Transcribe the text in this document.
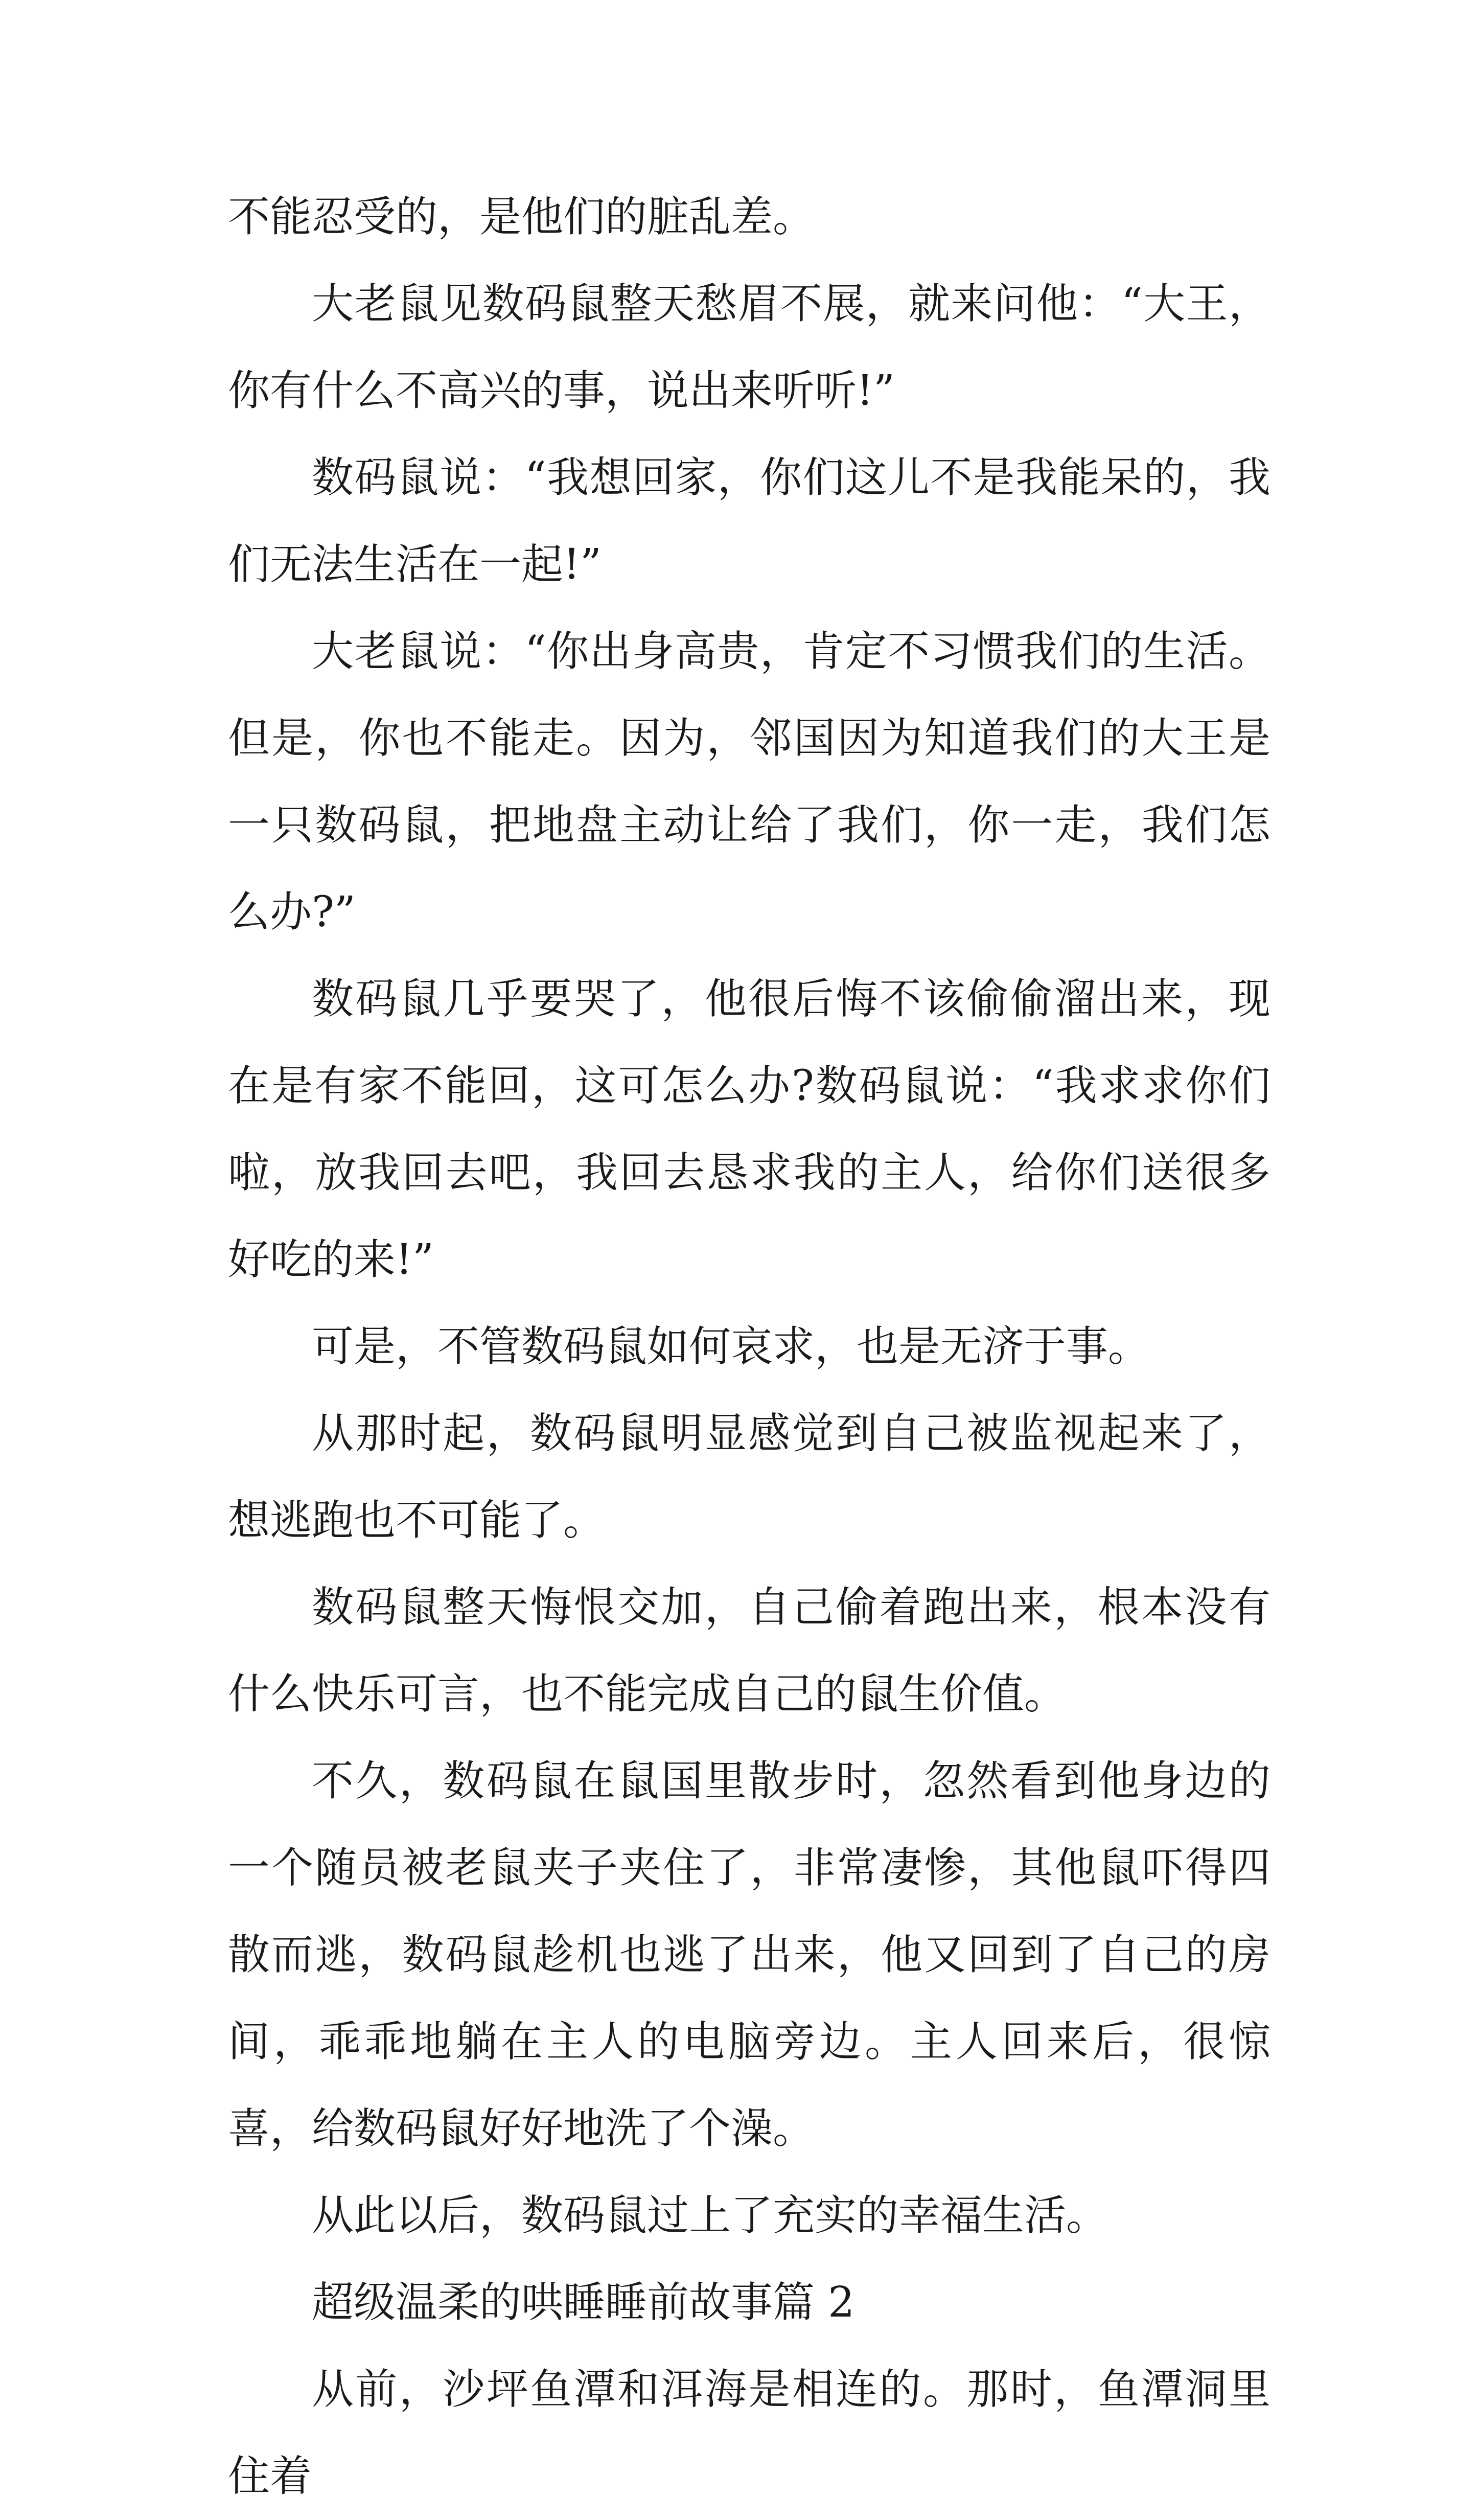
不能忍受的，是他们的脏乱差。

大老鼠见数码鼠整天愁眉不展，就来问他：“大王，你有什么不高兴的事，说出来听听!”

数码鼠说：“我想回家，你们这儿不是我能呆的，我们无法生活在一起!”

大老鼠说：“你出身高贵，肯定不习惯我们的生活。但是，你也不能走。因为，邻国因为知道我们的大王是一只数码鼠，把地盘主动让给了我们，你一走，我们怎么办?”

数码鼠几乎要哭了，他很后悔不该偷偷溜出来，现在是有家不能回，这可怎么办?数码鼠说：“我求求你们啦，放我回去吧，我回去恳求我的主人，给你们送很多好吃的来!”

可是，不管数码鼠如何哀求，也是无济于事。

从那时起，数码鼠明显感觉到自己被监视起来了，想逃跑也不可能了。

数码鼠整天悔恨交加，自己偷着跑出来，根本没有什么快乐可言，也不能完成自己的鼠生价值。

不久，数码鼠在鼠国里散步时，忽然看到他身边的一个随员被老鼠夹子夹住了，非常凄惨，其他鼠吓得四散而逃，数码鼠趁机也逃了出来，他又回到了自己的房间，乖乖地躺在主人的电脑旁边。主人回来后，很惊喜，给数码鼠好好地洗了个澡。

从此以后，数码鼠过上了充实的幸福生活。

超级温柔的哄睡睡前故事篇 2

从前，沙坪鱼潭和洱海是相连的。那时，鱼潭洞里住着
